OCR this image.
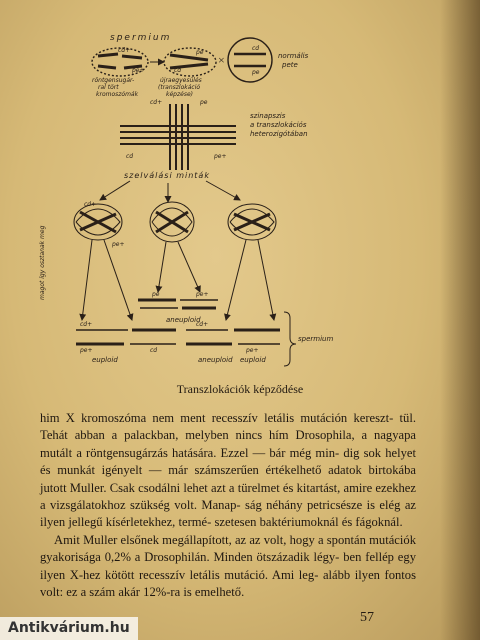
spermium
cd+
pe+
pe
cd
×
cd
pe
normális
pete
röntgensugár-
ral tört
kromoszómák
újraegyesülés
(transzlokáció
képzése)
cd+	pe
cd	pe+
szinapszis
a transzlokációs
heterozigótában
szelválási minták
magot így osztanak meg
cd+
pe+
pe	pe+
cd+
pe+	cd
cd+
pe+
aneuploid
euploid	aneuploid euploid
spermium
Transzlokációk képződése

him X kromoszóma nem ment recesszív letális mutáción kereszt- tül. Tehát abban a palackban, melyben nincs hím Drosophila, a nagyapa mutált a röntgensugárzás hatására. Ezzel — bár még min- dig sok helyet és munkát igényelt — már számszerűen értékelhető adatok birtokába jutott Muller. Csak csodálni lehet azt a türelmet és kitartást, amire ezekhez a vizsgálatokhoz szükség volt. Manap- ság néhány petricsészе is elég az ilyen jellegű kísérletekhez, termé- szetesen baktériumoknál és fágoknál.

Amit Muller elsőnek megállapított, az az volt, hogy a spontán mutációk gyakorisága 0,2% a Drosophilán. Minden ötszázadik légy- ben fellép egy ilyen X-hez kötött recesszív letális mutáció. Ami leg- alább ilyen fontos volt: ez a szám akár 12%-ra is emelhető.

57
Antikvárium.hu
